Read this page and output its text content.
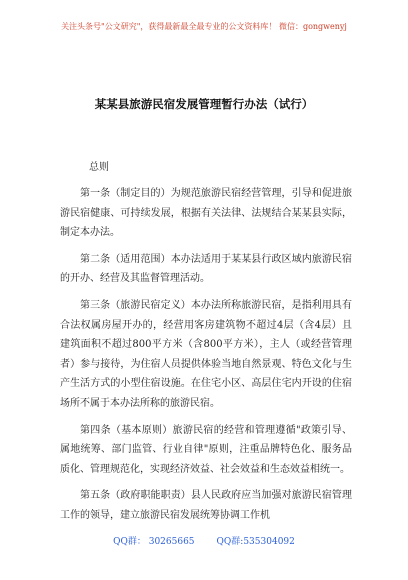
关注头条号"公文研究"，获得最新最全最专业的公文资料库！ 微信：gongwenyj
某某县旅游民宿发展管理暂行办法（试行）
总则

第一条（制定目的）为规范旅游民宿经营管理，引导和促进旅游民宿健康、可持续发展，根据有关法律、法规结合某某县实际，制定本办法。

第二条（适用范围）本办法适用于某某县行政区域内旅游民宿的开办、经营及其监督管理活动。

第三条（旅游民宿定义）本办法所称旅游民宿，是指利用具有合法权属房屋开办的，经营用客房建筑物不超过4层（含4层）且建筑面积不超过800平方米（含800平方米），主人（或经营管理者）参与接待，为住宿人员提供体验当地自然景观、特色文化与生产生活方式的小型住宿设施。在住宅小区、高层住宅内开设的住宿场所不属于本办法所称的旅游民宿。

第四条（基本原则）旅游民宿的经营和管理遵循"政策引导、属地统筹、部门监管、行业自律"原则，注重品牌特色化、服务品质化、管理规范化，实现经济效益、社会效益和生态效益相统一。

第五条（政府职能职责）县人民政府应当加强对旅游民宿管理工作的领导，建立旅游民宿发展统筹协调工作机

QQ群： 30265665 QQ群:535304092
